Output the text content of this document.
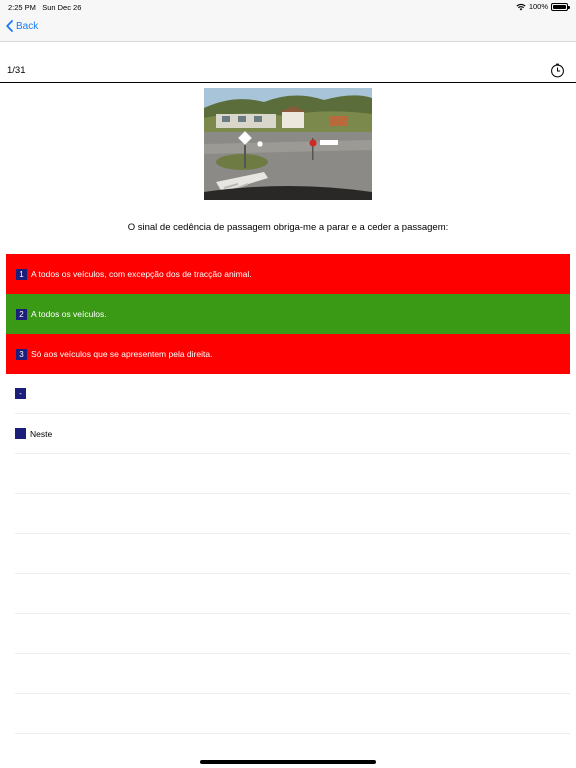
2:25 PM Sun Dec 26	100%
Back
1/31
O sinal de cedência de passagem obriga-me a parar e a ceder a passagem:
1 A todos os veículos, com excepção dos de tracção animal.
2 A todos os veículos.
3 Só aos veículos que se apresentem pela direita.
-
Neste
